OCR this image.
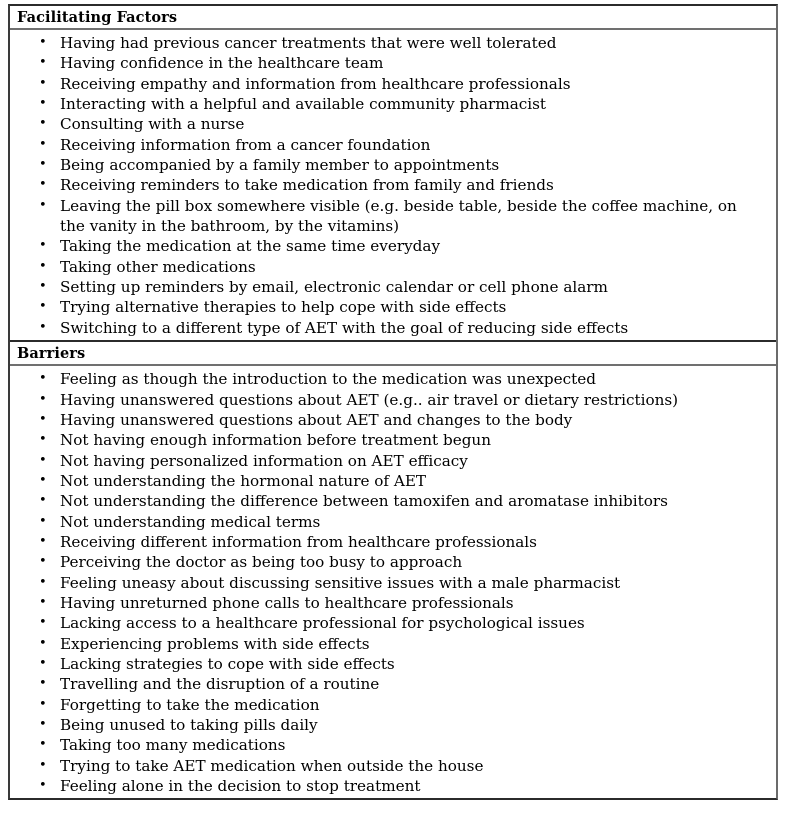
Facilitating Factors
• Having had previous cancer treatments that were well tolerated
• Having confidence in the healthcare team
• Receiving empathy and information from healthcare professionals
• Interacting with a helpful and available community pharmacist
• Consulting with a nurse
• Receiving information from a cancer foundation
• Being accompanied by a family member to appointments
• Receiving reminders to take medication from family and friends
• Leaving the pill box somewhere visible (e.g. beside table, beside the coffee machine, on the vanity in the bathroom, by the vitamins)
• Taking the medication at the same time everyday
• Taking other medications
• Setting up reminders by email, electronic calendar or cell phone alarm
• Trying alternative therapies to help cope with side effects
• Switching to a different type of AET with the goal of reducing side effects
Barriers
• Feeling as though the introduction to the medication was unexpected
• Having unanswered questions about AET (e.g.. air travel or dietary restrictions)
• Having unanswered questions about AET and changes to the body
• Not having enough information before treatment begun
• Not having personalized information on AET efficacy
• Not understanding the hormonal nature of AET
• Not understanding the difference between tamoxifen and aromatase inhibitors
• Not understanding medical terms
• Receiving different information from healthcare professionals
• Perceiving the doctor as being too busy to approach
• Feeling uneasy about discussing sensitive issues with a male pharmacist
• Having unreturned phone calls to healthcare professionals
• Lacking access to a healthcare professional for psychological issues
• Experiencing problems with side effects
• Lacking strategies to cope with side effects
• Travelling and the disruption of a routine
• Forgetting to take the medication
• Being unused to taking pills daily
• Taking too many medications
• Trying to take AET medication when outside the house
• Feeling alone in the decision to stop treatment
